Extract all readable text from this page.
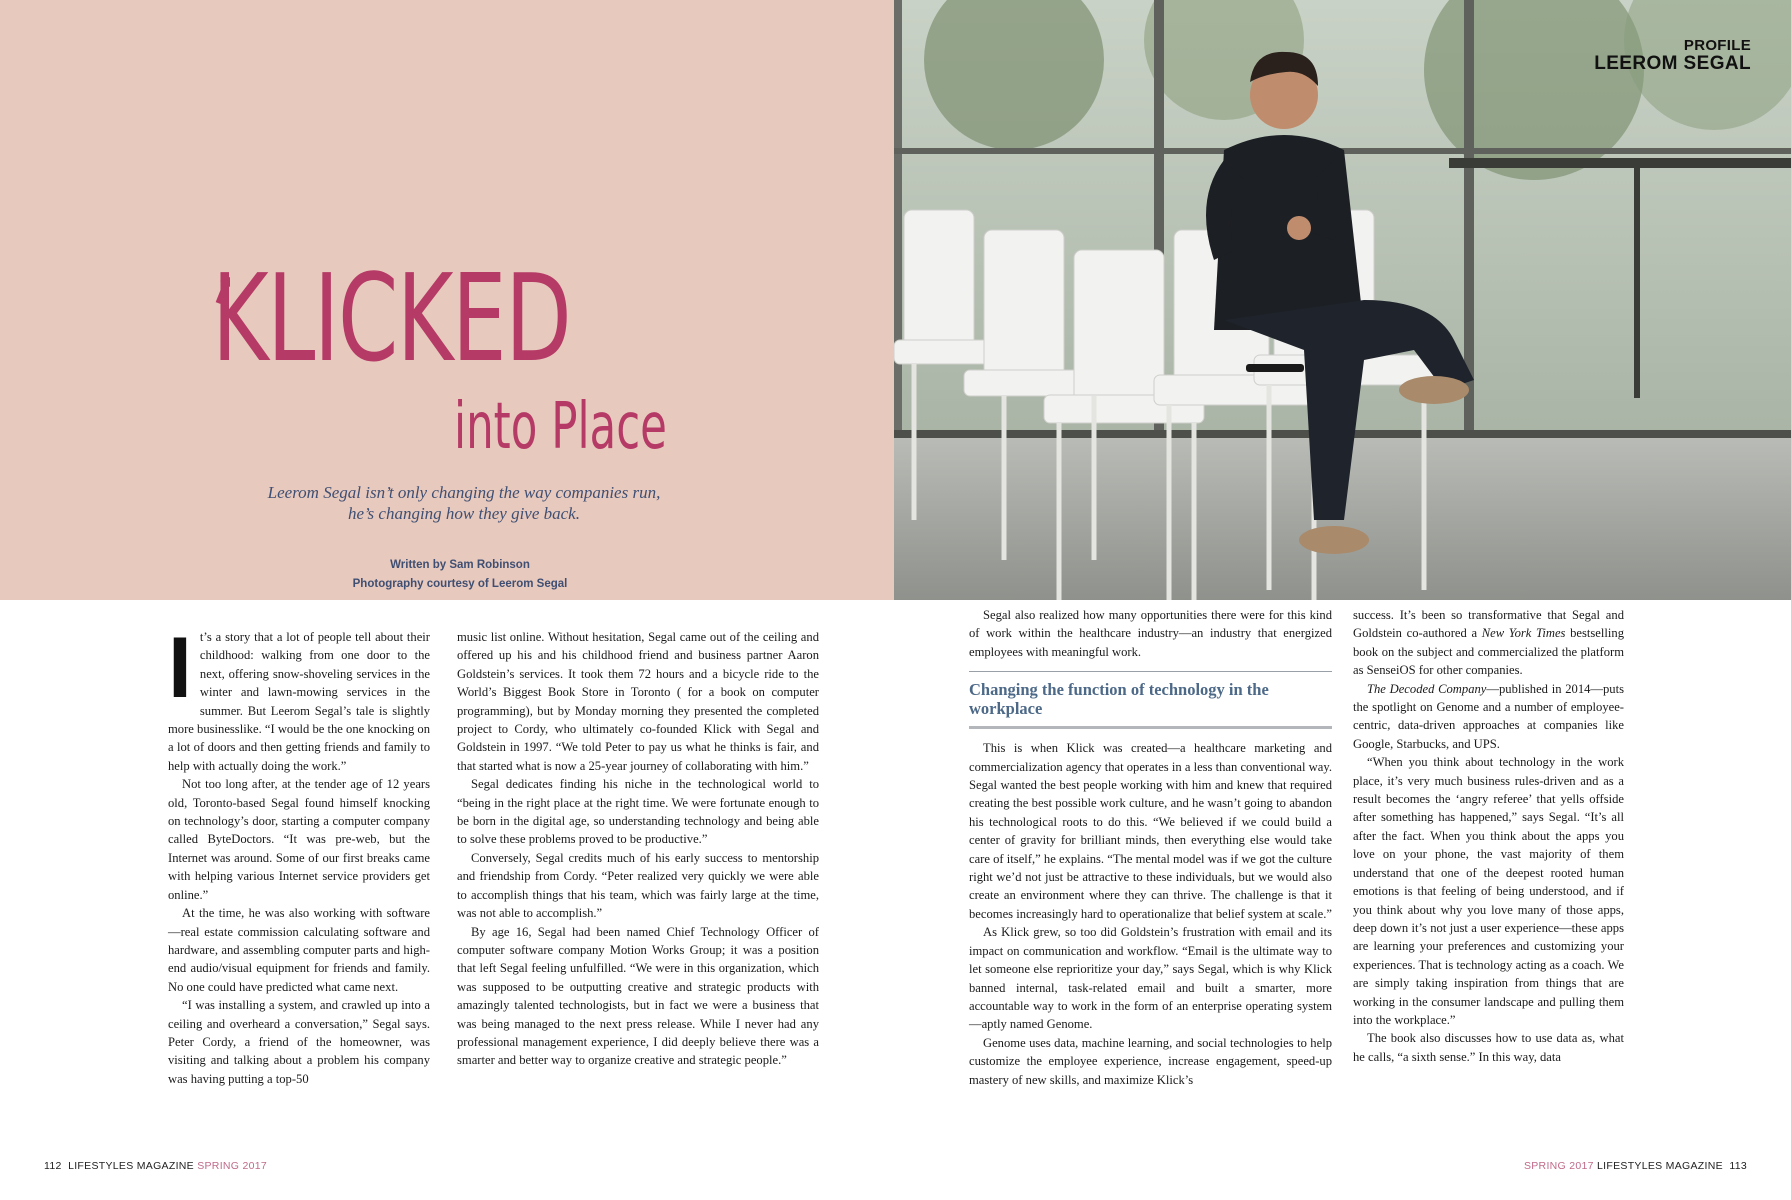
KLICKED
into Place
Leerom Segal isn’t only changing the way companies run,
he’s changing how they give back.
Written by Sam Robinson
Photography courtesy of Leerom Segal
PROFILE
LEEROM SEGAL

It’s a story that a lot of people tell about their childhood: walking from one door to the next, offering snow-shoveling services in the winter and lawn-mowing services in the summer. But Leerom Segal’s tale is slightly more businesslike. “I would be the one knocking on a lot of doors and then getting friends and family to help with actually doing the work.”

Not too long after, at the tender age of 12 years old, Toronto-based Segal found himself knocking on technology’s door, starting a computer company called ByteDoctors. “It was pre-web, but the Internet was around. Some of our first breaks came with helping various Internet service providers get online.”

At the time, he was also working with software—real estate commission calculating software and hardware, and assembling computer parts and high-end audio/visual equipment for friends and family. No one could have predicted what came next.

“I was installing a system, and crawled up into a ceiling and overheard a conversation,” Segal says. Peter Cordy, a friend of the homeowner, was visiting and talking about a problem his company was having putting a top-50

music list online. Without hesitation, Segal came out of the ceiling and offered up his and his childhood friend and business partner Aaron Goldstein’s services. It took them 72 hours and a bicycle ride to the World’s Biggest Book Store in Toronto ( for a book on computer programming), but by Monday morning they presented the completed project to Cordy, who ultimately co-founded Klick with Segal and Goldstein in 1997. “We told Peter to pay us what he thinks is fair, and that started what is now a 25-year journey of collaborating with him.”

Segal dedicates finding his niche in the technological world to “being in the right place at the right time. We were fortunate enough to be born in the digital age, so understanding technology and being able to solve these problems proved to be productive.”

Conversely, Segal credits much of his early success to mentorship and friendship from Cordy. “Peter realized very quickly we were able to accomplish things that his team, which was fairly large at the time, was not able to accomplish.”

By age 16, Segal had been named Chief Technology Officer of computer software company Motion Works Group; it was a position that left Segal feeling unfulfilled. “We were in this organization, which was supposed to be outputting creative and strategic products with amazingly talented technologists, but in fact we were a business that was being managed to the next press release. While I never had any professional management experience, I did deeply believe there was a smarter and better way to organize creative and strategic people.”

Segal also realized how many opportunities there were for this kind of work within the healthcare industry—an industry that energized employees with meaningful work.

Changing the function of technology in the workplace

This is when Klick was created—a healthcare marketing and commercialization agency that operates in a less than conventional way. Segal wanted the best people working with him and knew that required creating the best possible work culture, and he wasn’t going to abandon his technological roots to do this. “We believed if we could build a center of gravity for brilliant minds, then everything else would take care of itself,” he explains. “The mental model was if we got the culture right we’d not just be attractive to these individuals, but we would also create an environment where they can thrive. The challenge is that it becomes increasingly hard to operationalize that belief system at scale.”

As Klick grew, so too did Goldstein’s frustration with email and its impact on communication and workflow. “Email is the ultimate way to let someone else reprioritize your day,” says Segal, which is why Klick banned internal, task-related email and built a smarter, more accountable way to work in the form of an enterprise operating system—aptly named Genome.

Genome uses data, machine learning, and social technologies to help customize the employee experience, increase engagement, speed-up mastery of new skills, and maximize Klick’s

success. It’s been so transformative that Segal and Goldstein co-authored a New York Times bestselling book on the subject and commercialized the platform as SenseiOS for other companies.

The Decoded Company—published in 2014—puts the spotlight on Genome and a number of employee-centric, data-driven approaches at companies like Google, Starbucks, and UPS.

“When you think about technology in the work place, it’s very much business rules-driven and as a result becomes the ‘angry referee’ that yells offside after something has happened,” says Segal. “It’s all after the fact. When you think about the apps you love on your phone, the vast majority of them understand that one of the deepest rooted human emotions is that feeling of being understood, and if you think about why you love many of those apps, deep down it’s not just a user experience—these apps are learning your preferences and customizing your experiences. That is technology acting as a coach. We are simply taking inspiration from things that are working in the consumer landscape and pulling them into the workplace.”

The book also discusses how to use data as, what he calls, “a sixth sense.” In this way, data

112 LIFESTYLES MAGAZINE SPRING 2017	SPRING 2017 LIFESTYLES MAGAZINE 113
